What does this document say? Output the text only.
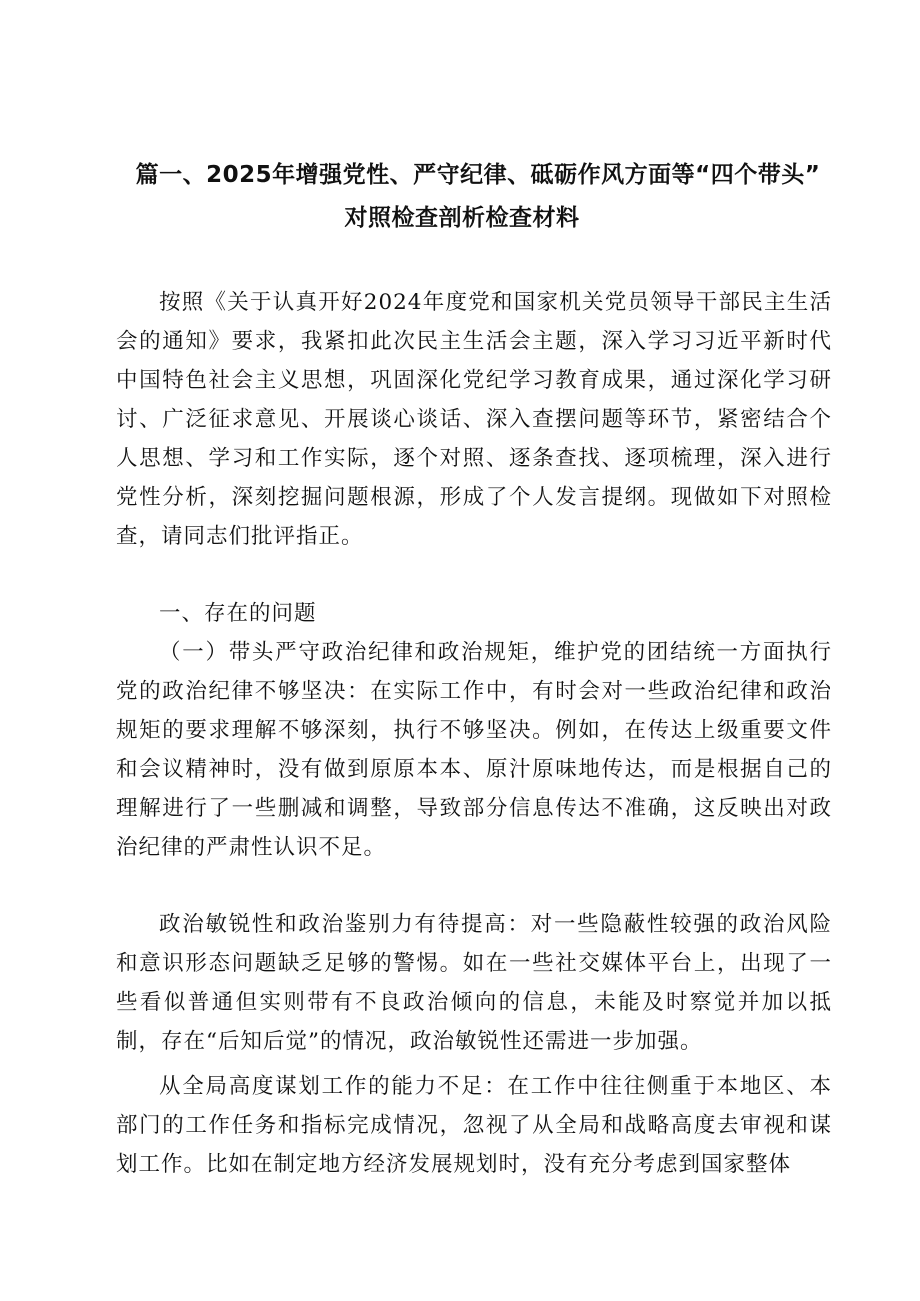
篇一、2025年增强党性、严守纪律、砥砺作风方面等“四个带头”
对照检查剖析检查材料

按照《关于认真开好2024年度党和国家机关党员领导干部民主生活会的通知》要求，我紧扣此次民主生活会主题，深入学习习近平新时代中国特色社会主义思想，巩固深化党纪学习教育成果，通过深化学习研讨、广泛征求意见、开展谈心谈话、深入查摆问题等环节，紧密结合个人思想、学习和工作实际，逐个对照、逐条查找、逐项梳理，深入进行党性分析，深刻挖掘问题根源，形成了个人发言提纲。现做如下对照检查，请同志们批评指正。

一、存在的问题

（一）带头严守政治纪律和政治规矩，维护党的团结统一方面执行党的政治纪律不够坚决：在实际工作中，有时会对一些政治纪律和政治规矩的要求理解不够深刻，执行不够坚决。例如，在传达上级重要文件和会议精神时，没有做到原原本本、原汁原味地传达，而是根据自己的理解进行了一些删减和调整，导致部分信息传达不准确，这反映出对政治纪律的严肃性认识不足。

政治敏锐性和政治鉴别力有待提高：对一些隐蔽性较强的政治风险和意识形态问题缺乏足够的警惕。如在一些社交媒体平台上，出现了一些看似普通但实则带有不良政治倾向的信息，未能及时察觉并加以抵制，存在“后知后觉”的情况，政治敏锐性还需进一步加强。

从全局高度谋划工作的能力不足：在工作中往往侧重于本地区、本部门的工作任务和指标完成情况，忽视了从全局和战略高度去审视和谋划工作。比如在制定地方经济发展规划时，没有充分考虑到国家整体
